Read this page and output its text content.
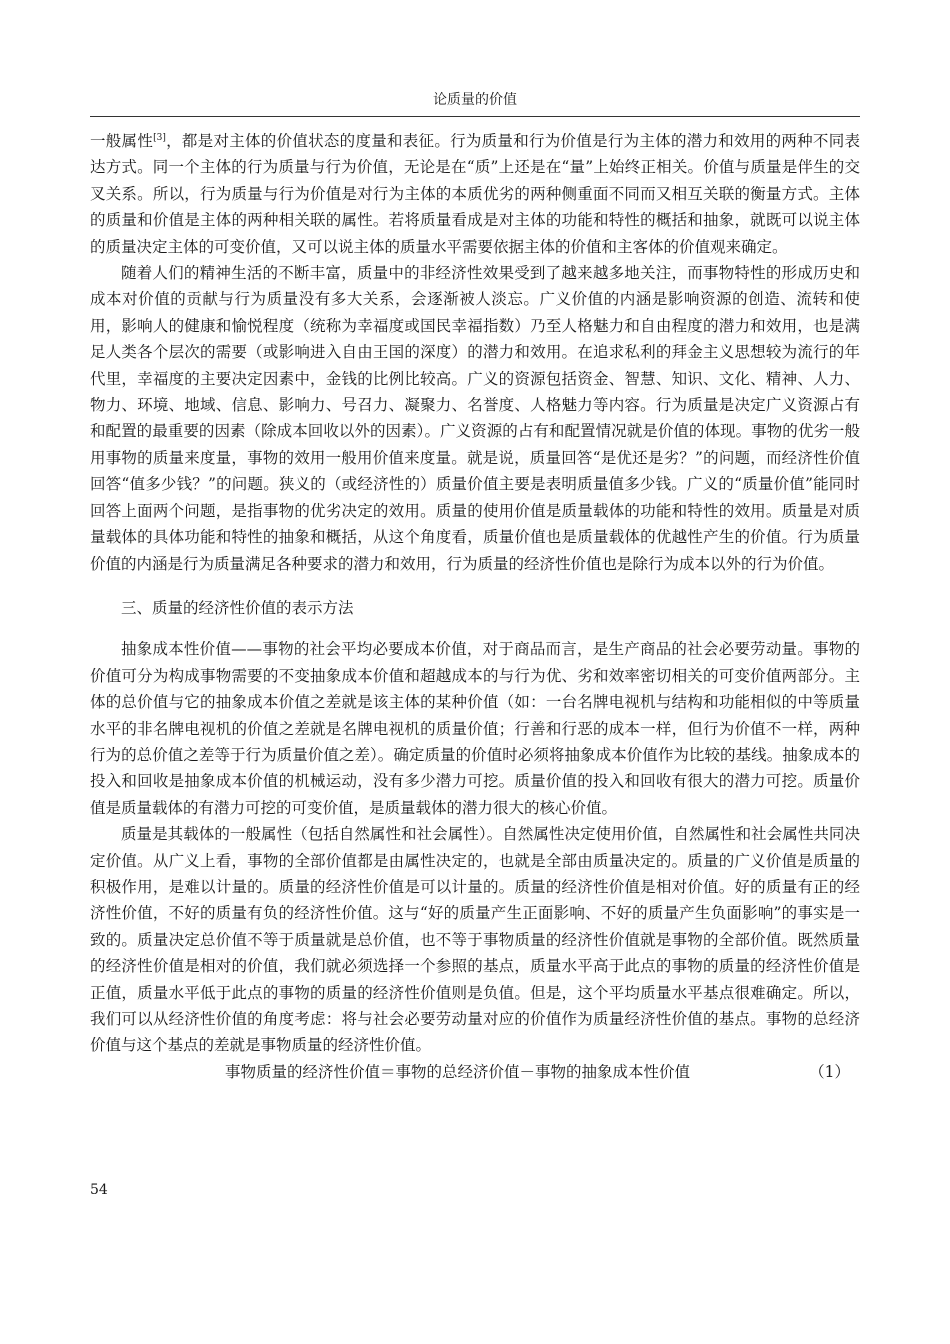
论质量的价值

一般属性[3]，都是对主体的价值状态的度量和表征。行为质量和行为价值是行为主体的潜力和效用的两种不同表达方式。同一个主体的行为质量与行为价值，无论是在“质”上还是在“量”上始终正相关。价值与质量是伴生的交叉关系。所以，行为质量与行为价值是对行为主体的本质优劣的两种侧重面不同而又相互关联的衡量方式。主体的质量和价值是主体的两种相关联的属性。若将质量看成是对主体的功能和特性的概括和抽象，就既可以说主体的质量决定主体的可变价值，又可以说主体的质量水平需要依据主体的价值和主客体的价值观来确定。

随着人们的精神生活的不断丰富，质量中的非经济性效果受到了越来越多地关注，而事物特性的形成历史和成本对价值的贡献与行为质量没有多大关系，会逐渐被人淡忘。广义价值的内涵是影响资源的创造、流转和使用，影响人的健康和愉悦程度（统称为幸福度或国民幸福指数）乃至人格魅力和自由程度的潜力和效用，也是满足人类各个层次的需要（或影响进入自由王国的深度）的潜力和效用。在追求私利的拜金主义思想较为流行的年代里，幸福度的主要决定因素中，金钱的比例比较高。广义的资源包括资金、智慧、知识、文化、精神、人力、物力、环境、地域、信息、影响力、号召力、凝聚力、名誉度、人格魅力等内容。行为质量是决定广义资源占有和配置的最重要的因素（除成本回收以外的因素）。广义资源的占有和配置情况就是价值的体现。事物的优劣一般用事物的质量来度量，事物的效用一般用价值来度量。就是说，质量回答“是优还是劣？”的问题，而经济性价值回答“值多少钱？”的问题。狭义的（或经济性的）质量价值主要是表明质量值多少钱。广义的“质量价值”能同时回答上面两个问题，是指事物的优劣决定的效用。质量的使用价值是质量载体的功能和特性的效用。质量是对质量载体的具体功能和特性的抽象和概括，从这个角度看，质量价值也是质量载体的优越性产生的价值。行为质量价值的内涵是行为质量满足各种要求的潜力和效用，行为质量的经济性价值也是除行为成本以外的行为价值。

三、质量的经济性价值的表示方法

抽象成本性价值——事物的社会平均必要成本价值，对于商品而言，是生产商品的社会必要劳动量。事物的价值可分为构成事物需要的不变抽象成本价值和超越成本的与行为优、劣和效率密切相关的可变价值两部分。主体的总价值与它的抽象成本价值之差就是该主体的某种价值（如：一台名牌电视机与结构和功能相似的中等质量水平的非名牌电视机的价值之差就是名牌电视机的质量价值；行善和行恶的成本一样，但行为价值不一样，两种行为的总价值之差等于行为质量价值之差）。确定质量的价值时必须将抽象成本价值作为比较的基线。抽象成本的投入和回收是抽象成本价值的机械运动，没有多少潜力可挖。质量价值的投入和回收有很大的潜力可挖。质量价值是质量载体的有潜力可挖的可变价值，是质量载体的潜力很大的核心价值。

质量是其载体的一般属性（包括自然属性和社会属性）。自然属性决定使用价值，自然属性和社会属性共同决定价值。从广义上看，事物的全部价值都是由属性决定的，也就是全部由质量决定的。质量的广义价值是质量的积极作用，是难以计量的。质量的经济性价值是可以计量的。质量的经济性价值是相对价值。好的质量有正的经济性价值，不好的质量有负的经济性价值。这与“好的质量产生正面影响、不好的质量产生负面影响”的事实是一致的。质量决定总价值不等于质量就是总价值，也不等于事物质量的经济性价值就是事物的全部价值。既然质量的经济性价值是相对的价值，我们就必须选择一个参照的基点，质量水平高于此点的事物的质量的经济性价值是正值，质量水平低于此点的事物的质量的经济性价值则是负值。但是，这个平均质量水平基点很难确定。所以，我们可以从经济性价值的角度考虑：将与社会必要劳动量对应的价值作为质量经济性价值的基点。事物的总经济价值与这个基点的差就是事物质量的经济性价值。

事物质量的经济性价值＝事物的总经济价值－事物的抽象成本性价值	（1）
54
